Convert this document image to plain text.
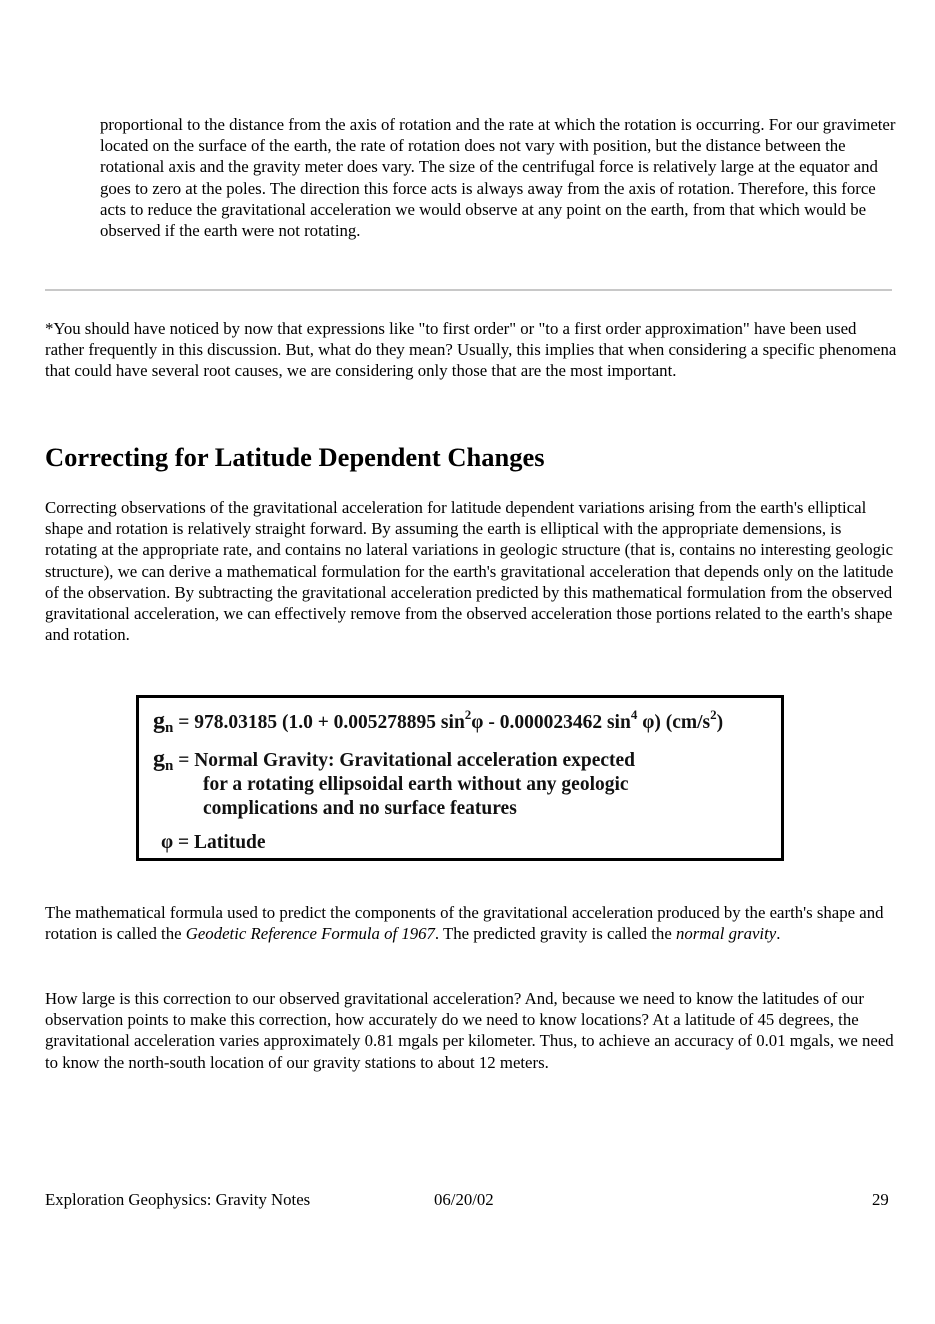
proportional to the distance from the axis of rotation and the rate at which the rotation is occurring. For our gravimeter located on the surface of the earth, the rate of rotation does not vary with position, but the distance between the rotational axis and the gravity meter does vary. The size of the centrifugal force is relatively large at the equator and goes to zero at the poles. The direction this force acts is always away from the axis of rotation. Therefore, this force acts to reduce the gravitational acceleration we would observe at any point on the earth, from that which would be observed if the earth were not rotating.

*You should have noticed by now that expressions like "to first order" or "to a first order approximation" have been used rather frequently in this discussion. But, what do they mean? Usually, this implies that when considering a specific phenomena that could have several root causes, we are considering only those that are the most important.

Correcting for Latitude Dependent Changes

Correcting observations of the gravitational acceleration for latitude dependent variations arising from the earth's elliptical shape and rotation is relatively straight forward. By assuming the earth is elliptical with the appropriate demensions, is rotating at the appropriate rate, and contains no lateral variations in geologic structure (that is, contains no interesting geologic structure), we can derive a mathematical formulation for the earth's gravitational acceleration that depends only on the latitude of the observation. By subtracting the gravitational acceleration predicted by this mathematical formulation from the observed gravitational acceleration, we can effectively remove from the observed acceleration those portions related to the earth's shape and rotation.

$g_n = 978.03185$ (1.0 + 0.005278895 $\sin^2\varphi - 0.000023462$ $\sin^4 \varphi$) $(cm/s^2)$
$g_n$ = Normal Gravity: Gravitational acceleration expected
for a rotating ellipsoidal earth without any geologic
complications and no surface features
φ = Latitude

The mathematical formula used to predict the components of the gravitational acceleration produced by the earth's shape and rotation is called the Geodetic Reference Formula of 1967. The predicted gravity is called the normal gravity.

How large is this correction to our observed gravitational acceleration? And, because we need to know the latitudes of our observation points to make this correction, how accurately do we need to know locations? At a latitude of 45 degrees, the gravitational acceleration varies approximately 0.81 mgals per kilometer. Thus, to achieve an accuracy of 0.01 mgals, we need to know the north-south location of our gravity stations to about 12 meters.

Exploration Geophysics: Gravity Notes	06/20/02	29
